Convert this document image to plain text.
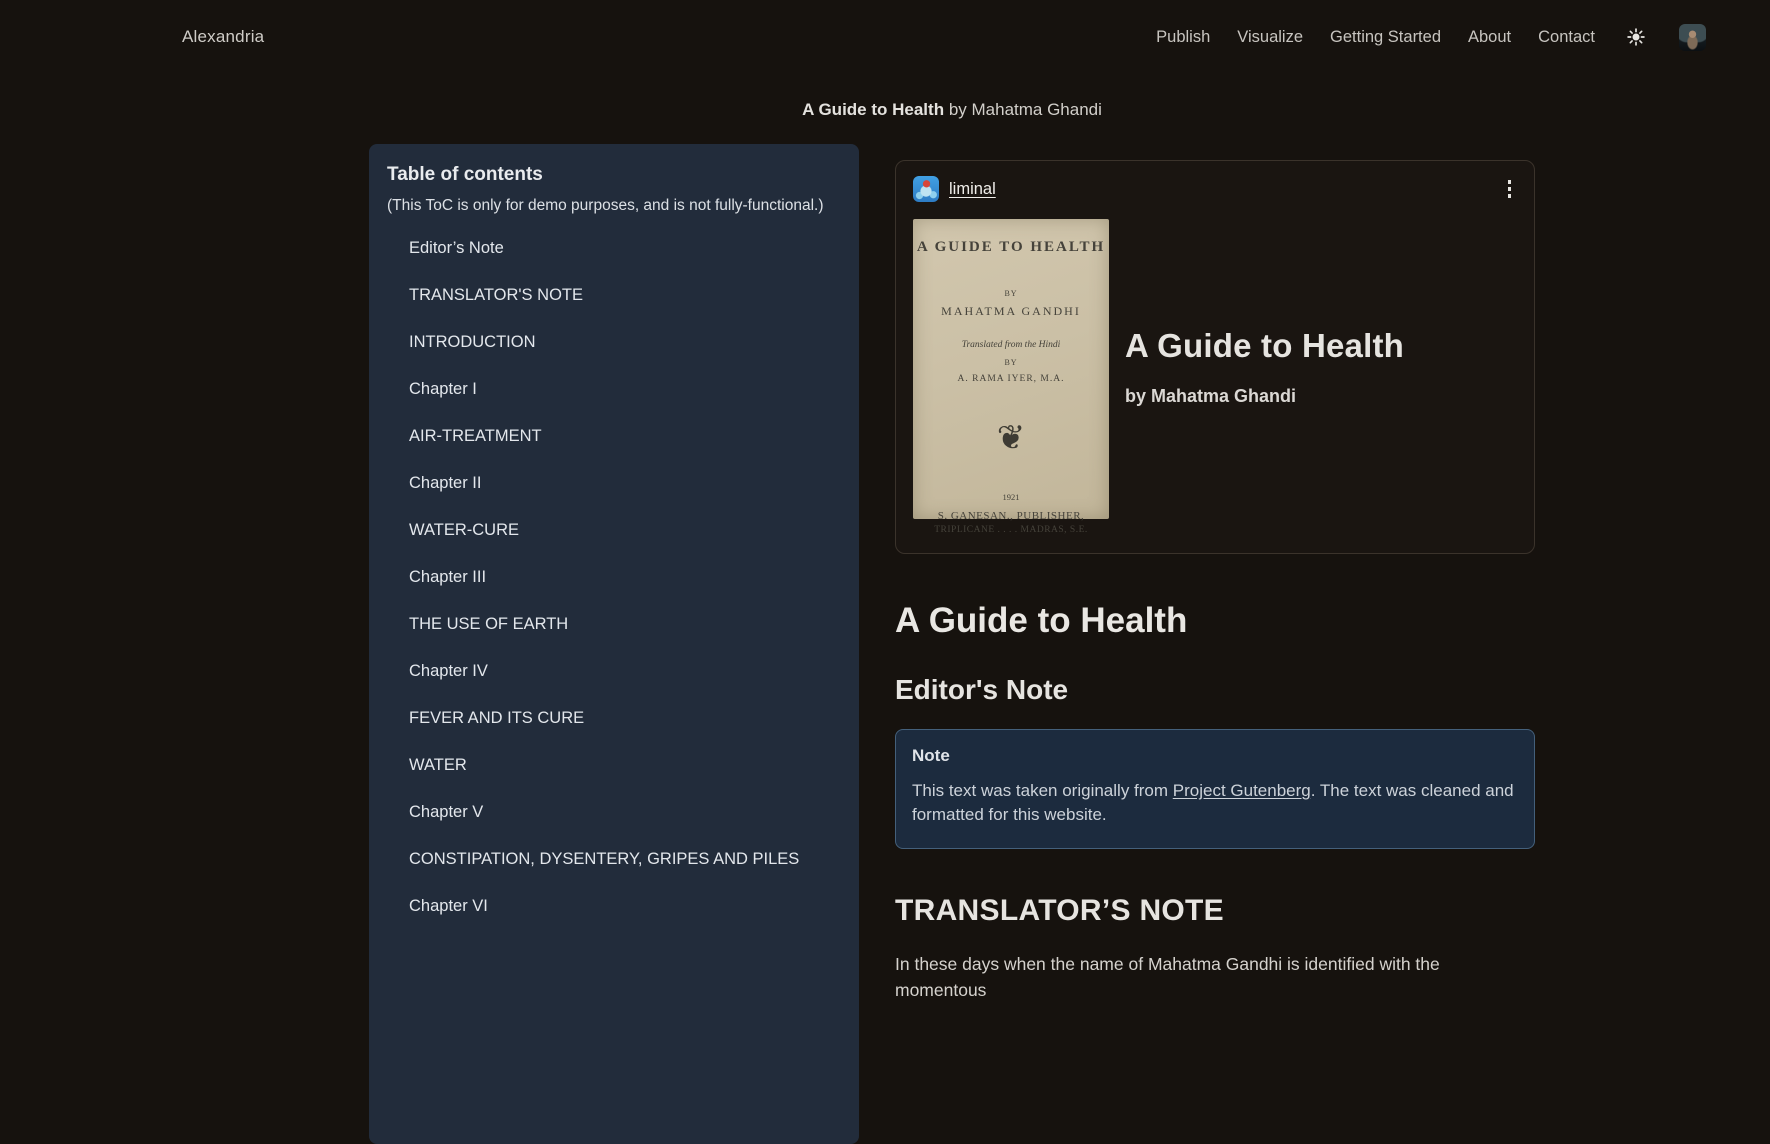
Alexandria	Publish Visualize Getting Started About Contact
A Guide to Health by Mahatma Ghandi
Table of contents

(This ToC is only for demo purposes, and is not fully-functional.)

Editor’s Note
TRANSLATOR'S NOTE
INTRODUCTION
Chapter I
AIR-TREATMENT
Chapter II
WATER-CURE
Chapter III
THE USE OF EARTH
Chapter IV
FEVER AND ITS CURE
WATER
Chapter V
CONSTIPATION, DYSENTERY, GRIPES AND PILES
Chapter VI
liminal
A GUIDE TO HEALTH
BY
MAHATMA GANDHI
Translated from the Hindi
BY
A. RAMA IYER, M.A.
❦
1921
S. GANESAN., PUBLISHER,
TRIPLICANE . . . . MADRAS, S.E.
A Guide to Health

by Mahatma Ghandi

A Guide to Health
Editor's Note

Note

This text was taken originally from Project Gutenberg. The text was cleaned and formatted for this website.

TRANSLATOR’S NOTE

In these days when the name of Mahatma Gandhi is identified with the momentous
